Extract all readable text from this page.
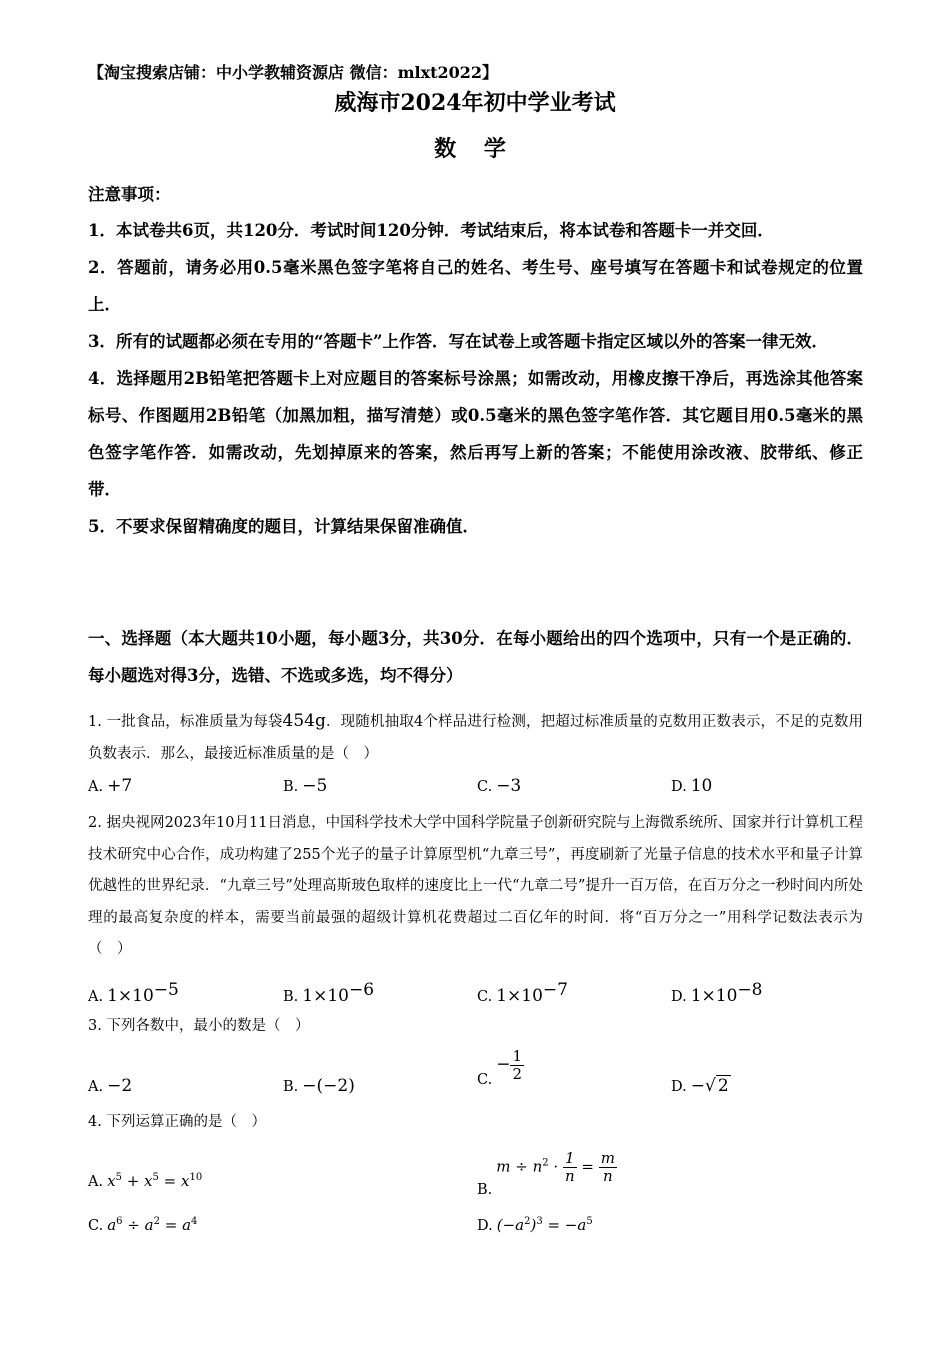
【淘宝搜索店铺：中小学教辅资源店 微信：mlxt2022】
威海市2024年初中学业考试
数 学
注意事项：

1．本试卷共6页，共120分．考试时间120分钟．考试结束后，将本试卷和答题卡一并交回．

2．答题前，请务必用0.5毫米黑色签字笔将自己的姓名、考生号、座号填写在答题卡和试卷规定的位置上．

3．所有的试题都必须在专用的“答题卡”上作答．写在试卷上或答题卡指定区域以外的答案一律无效．

4．选择题用2B铅笔把答题卡上对应题目的答案标号涂黑；如需改动，用橡皮擦干净后，再选涂其他答案标号、作图题用2B铅笔（加黑加粗，描写清楚）或0.5毫米的黑色签字笔作答．其它题目用0.5毫米的黑色签字笔作答．如需改动，先划掉原来的答案，然后再写上新的答案；不能使用涂改液、胶带纸、修正带．

5．不要求保留精确度的题目，计算结果保留准确值．

一、选择题（本大题共10小题，每小题3分，共30分．在每小题给出的四个选项中，只有一个是正确的．每小题选对得3分，选错、不选或多选，均不得分）

1. 一批食品，标准质量为每袋454g．现随机抽取4个样品进行检测，把超过标准质量的克数用正数表示，不足的克数用负数表示．那么，最接近标准质量的是（　）
A. +7	B. −5	C. −3	D. 10
2. 据央视网2023年10月11日消息，中国科学技术大学中国科学院量子创新研究院与上海微系统所、国家并行计算机工程技术研究中心合作，成功构建了255个光子的量子计算原型机“九章三号”，再度刷新了光量子信息的技术水平和量子计算优越性的世界纪录．“九章三号”处理高斯玻色取样的速度比上一代“九章二号”提升一百万倍，在百万分之一秒时间内所处理的最高复杂度的样本，需要当前最强的超级计算机花费超过二百亿年的时间．将“百万分之一”用科学记数法表示为（　）
A. $1\times 10^{-5}$	B. $1\times 10^{-6}$	C. $1\times 10^{-7}$	D. $1\times 10^{-8}$
3. 下列各数中，最小的数是（　）
A. −2	B. −(−2)	$C.- \frac{1}{2}$
D. −√ 2
4. 下列运算正确的是（　）
A. $x^5 + x^5 = x^{10}$
$B.m \div n^2 \cdot \frac{1}{n} = \frac{m}{n}$
C. $a^6 \div a^2 = a^4$	D. $(-a^2)^3 = -a^5$
